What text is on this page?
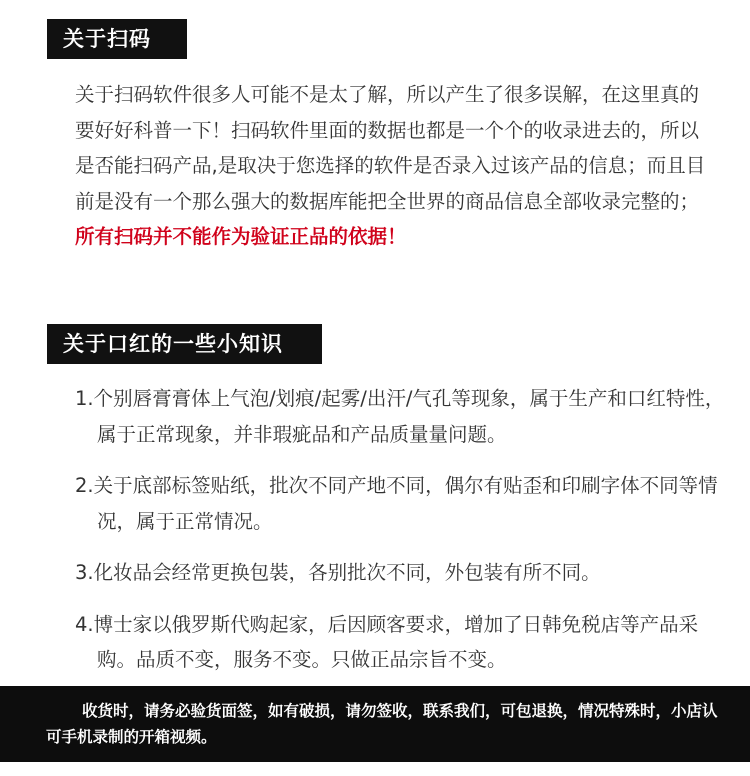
关于扫码

关于扫码软件很多人可能不是太了解，所以产生了很多误解，在这里真的要好好科普一下！扫码软件里面的数据也都是一个个的收录进去的，所以是否能扫码产品,是取决于您选择的软件是否录入过该产品的信息；而且目前是没有一个那么强大的数据库能把全世界的商品信息全部收录完整的；所有扫码并不能作为验证正品的依据！

关于口红的一些小知识
1.个别唇膏膏体上气泡/划痕/起雾/出汗/气孔等现象，属于生产和口红特性，属于正常现象，并非瑕疵品和产品质量量问题。
2.关于底部标签贴纸，批次不同产地不同，偶尔有贴歪和印刷字体不同等情况，属于正常情况。
3.化妆品会经常更换包裝，各别批次不同，外包装有所不同。
4.博士家以俄罗斯代购起家，后因顾客要求，增加了日韩免税店等产品采购。品质不变，服务不变。只做正品宗旨不变。
收货时，请务必验货面签，如有破损，请勿签收，联系我们，可包退换，情况特殊时，小店认可手机录制的开箱视频。
